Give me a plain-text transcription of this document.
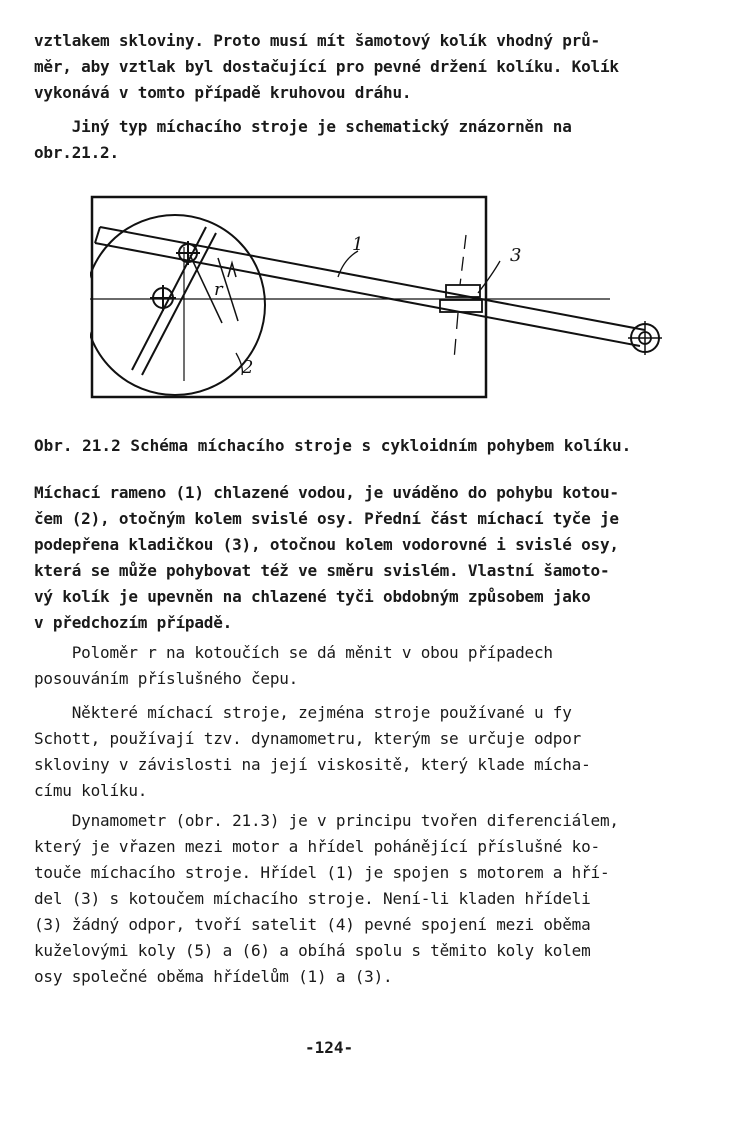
vztlakem skloviny. Proto musí mít šamotový kolík vhodný prů-
měr, aby vztlak byl dostačující pro pevné držení kolíku. Kolík
vykonává v tomto případě kruhovou dráhu.

Jiný typ míchacího stroje je schematický znázorněn na
obr.21.2.

1
3
2
r
Obr. 21.2 Schéma míchacího stroje s cykloidním pohybem kolíku.

Míchací rameno (1) chlazené vodou, je uváděno do pohybu kotou-
čem (2), otočným kolem svislé osy. Přední část míchací tyče je
podepřena kladičkou (3), otočnou kolem vodorovné i svislé osy,
která se může pohybovat též ve směru svislém. Vlastní šamoto-
vý kolík je upevněn na chlazené tyči obdobným způsobem jako
v předchozím případě.

Poloměr r na kotoučích se dá měnit v obou případech
posouváním příslušného čepu.

Některé míchací stroje, zejména stroje používané u fy
Schott, používají tzv. dynamometru, kterým se určuje odpor
skloviny v závislosti na její viskositě, který klade mícha-
címu kolíku.

Dynamometr (obr. 21.3) je v principu tvořen diferenciálem,
který je vřazen mezi motor a hřídel pohánějící příslušné ko-
touče míchacího stroje. Hřídel (1) je spojen s motorem a hří-
del (3) s kotoučem míchacího stroje. Není-li kladen hřídeli
(3) žádný odpor, tvoří satelit (4) pevné spojení mezi oběma
kuželovými koly (5) a (6) a obíhá spolu s těmito koly kolem
osy společné oběma hřídelům (1) a (3).

-124-
